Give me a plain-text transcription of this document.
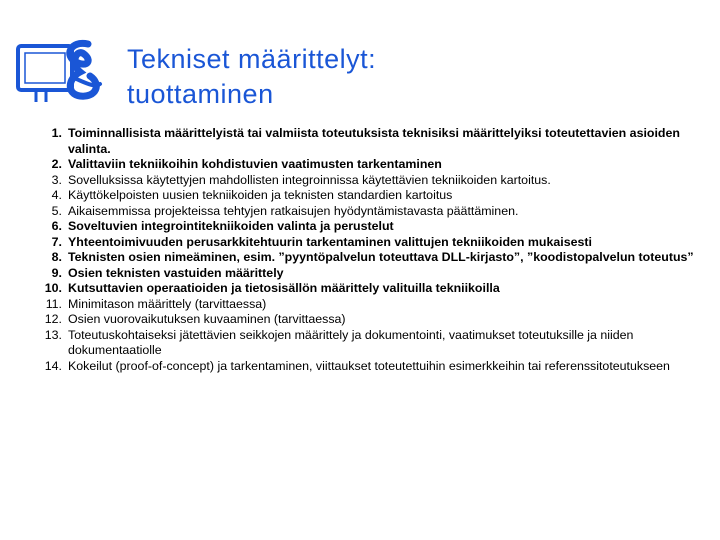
Tekniset määrittelyt:
tuottaminen
1. Toiminnallisista määrittelyistä tai valmiista toteutuksista teknisiksi määrittelyiksi toteutettavien asioiden valinta.
2. Valittaviin tekniikoihin kohdistuvien vaatimusten tarkentaminen
3. Sovelluksissa käytettyjen mahdollisten integroinnissa käytettävien tekniikoiden kartoitus.
4. Käyttökelpoisten uusien tekniikoiden ja teknisten standardien kartoitus
5. Aikaisemmissa projekteissa tehtyjen ratkaisujen hyödyntämistavasta päättäminen.
6. Soveltuvien integrointitekniikoiden valinta ja perustelut
7. Yhteentoimivuuden perusarkkitehtuurin tarkentaminen valittujen tekniikoiden mukaisesti
8. Teknisten osien nimeäminen, esim. ”pyyntöpalvelun toteuttava DLL-kirjasto”, ”koodistopalvelun toteutus”
9. Osien teknisten vastuiden määrittely
10. Kutsuttavien operaatioiden ja tietosisällön määrittely valituilla tekniikoilla
11. Minimitason määrittely (tarvittaessa)
12. Osien vuorovaikutuksen kuvaaminen (tarvittaessa)
13. Toteutuskohtaiseksi jätettävien seikkojen määrittely ja dokumentointi, vaatimukset toteutuksille ja niiden dokumentaatiolle
14. Kokeilut (proof-of-concept) ja tarkentaminen, viittaukset toteutettuihin esimerkkeihin tai referenssitoteutukseen
